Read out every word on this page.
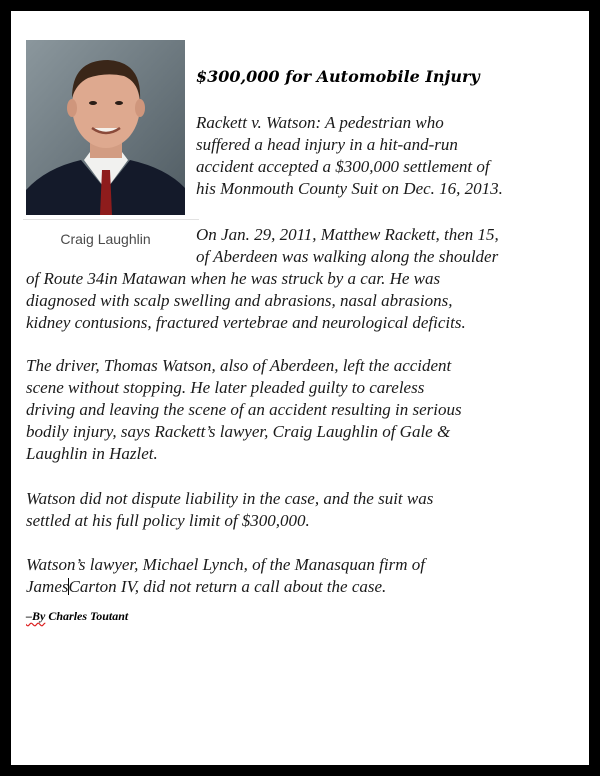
Craig Laughlin
$300,000 for Automobile Injury
Rackett v. Watson: A pedestrian who
suffered a head injury in a hit-and-run
accident accepted a $300,000 settlement of
his Monmouth County Suit on Dec. 16, 2013.
On Jan. 29, 2011, Matthew Rackett, then 15,
of Aberdeen was walking along the shoulder
of Route 34in Matawan when he was struck by a car. He was
diagnosed with scalp swelling and abrasions, nasal abrasions,
kidney contusions, fractured vertebrae and neurological deficits.
The driver, Thomas Watson, also of Aberdeen, left the accident
scene without stopping. He later pleaded guilty to careless
driving and leaving the scene of an accident resulting in serious
bodily injury, says Rackett’s lawyer, Craig Laughlin of Gale &
Laughlin in Hazlet.
Watson did not dispute liability in the case, and the suit was
settled at his full policy limit of $300,000.
Watson’s lawyer, Michael Lynch, of the Manasquan firm of
JamesCarton IV, did not return a call about the case.
–By Charles Toutant
